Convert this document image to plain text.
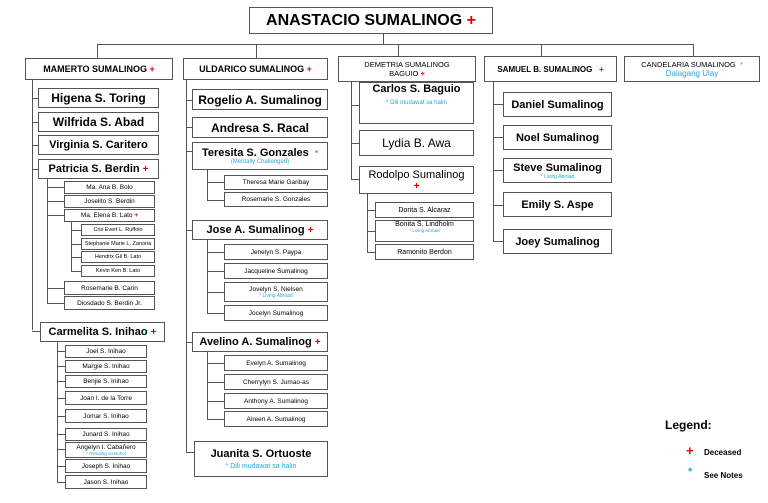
ANASTACIO SUMALINOG
+
MAMERTO SUMALINOG
+	ULDARICO SUMALINOG
+	DEMETRIA SUMALINOG
BAGUIO +	SAMUEL B. SUMALINOG
+	CANDELARIA SUMALINOG *
Dalagang Ulay
Higena S. Toring
Wilfrida S. Abad
Virginia S. Caritero
Patricia S. Berdin
+
Ma. Ana B. Bolo
Joselito S. Berdin
Ma. Elena B. Lato
+
Cris Evert L. Ruffolo
Stephanie Marie L. Zanoria
Hendrix Gil B. Lato
Kevin Ken B. Lato
Rosemarie B. Carin
Diosdado S. Berdin Jr.
Carmelita S. Inihao
+
Joel S. Inihao
Margie S. Inihao
Benjie S. Inihao
Joan I. de la Torre
Jomar S. Inihao
Junard S. Inihao
Angelyn I. Cabañero
* Residing on Bohol
Joseph S. Inihao
Jason S. Inihao
Rogelio A. Sumalinog
Andresa S. Racal
Teresita S. Gonzales *
(Mentally Challenged)
Theresa Marie Garibay
Rosemarie S. Gonzales
Jose A. Sumalinog
+
Jenelyn S. Paypa
Jacqueline Sumalinog
Jovelyn S. Nielsen
* Living Abroad
Jocelyn Sumalinog
Avelino A. Sumalinog
+
Evelyn A. Sumalinog
Cherrylyn S. Jumao-as
Anthony A. Sumalinog
Aireen A. Sumalinog
Juanita S. Ortuoste
* Dili mudawat sa halin
Carlos S. Baguio
* Dili mudawat sa halin
Lydia B. Awa
Rodolpo Sumalinog
+
Dorita S. Alcaraz
Bonita S. Lindholm
* Living Abroad
Ramonito Berdon
Daniel Sumalinog
Noel Sumalinog
Steve Sumalinog
* Living Abroad
Emily S. Aspe
Joey Sumalinog
Legend:
+ Deceased
* See Notes
